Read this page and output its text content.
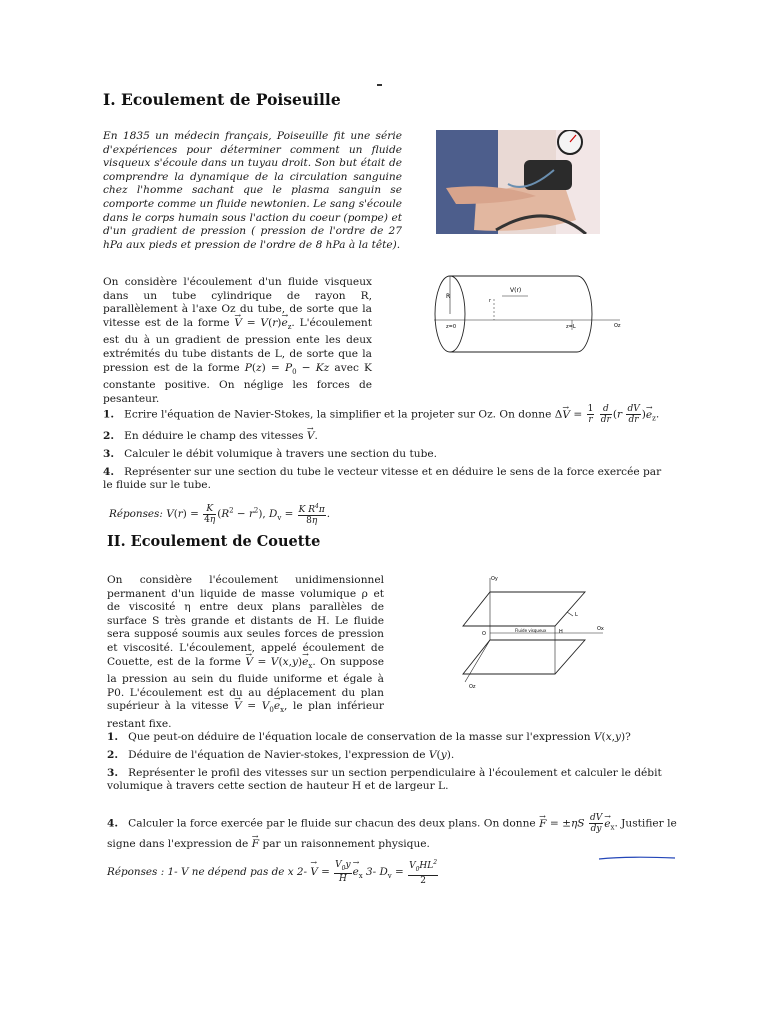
I. Ecoulement de Poiseuille
En 1835 un médecin français, Poiseuille fit une série d'expériences pour déterminer comment un fluide visqueux s'écoule dans un tuyau droit. Son but était de comprendre la dynamique de la circulation sanguine chez l'homme sachant que le plasma sanguin se comporte comme un fluide newtonien. Le sang s'écoule dans le corps humain sous l'action du coeur (pompe) et d'un gradient de pression ( pression de l'ordre de 27 hPa aux pieds et pression de l'ordre de 8 hPa à la tête).
On considère l'écoulement d'un fluide visqueux dans un tube cylindrique de rayon R, parallèlement à l'axe Oz du tube, de sorte que la vitesse est de la forme → $V = V(r)\to e_z$. L'écoulement est du à un gradient de pression ente les deux extrémités du tube distants de L, de sorte que la pression est de la forme $P(z) = P_0 - Kz$ avec K constante positive. On néglige les forces de pesanteur.
R
V(r)
r
z=0	z=L	Oz
1. Ecrire l'équation de Navier-Stokes, la simplifier et la projeter sur Oz. On donne $\Delta\to V = \frac{1}{r}$
$\frac{d}{dr} (r \frac{dV}{dr}$ )→ $e_z$.
2. En déduire le champ des vitesses → V.
3. Calculer le débit volumique à travers une section du tube.
4. Représenter sur une section du tube le vecteur vitesse et en déduire le sens de la force exercée par le fluide sur le tube.
Réponses: $V(r) = \frac{K}{4\eta} (R^2 - r^2)$, $D_v = \frac{K R^4\pi}{8\eta}$ .
II. Ecoulement de Couette
On considère l'écoulement unidimensionnel permanent d'un liquide de masse volumique ρ et de viscosité η entre deux plans parallèles de surface S très grande et distants de H. Le fluide sera supposé soumis aux seules forces de pression et viscosité. L'écoulement, appelé écoulement de Couette, est de la forme → $V = V(x,y)\to e_x$. On suppose la pression au sein du fluide uniforme et égale à P0. L'écoulement est du au déplacement du plan supérieur à la vitesse → $V = V_0\to e_x$, le plan inférieur restant fixe.
Oy
Ox
Oz
O
L
H
Fluide visqueux
1. Que peut-on déduire de l'équation locale de conservation de la masse sur l'expression V(x,y)?
2. Déduire de l'équation de Navier-stokes, l'expression de V(y).
3. Représenter le profil des vitesses sur un section perpendiculaire à l'écoulement et calculer le débit volumique à travers cette section de hauteur H et de largeur L.
4. Calculer la force exercée par le fluide sur chacun des deux plans. On donne → $F = \pm\eta S \frac{dV}{dy}$
→ $e_x$. Justifier le
signe dans l'expression de → F par un raisonnement physique.
Réponses : 1- V ne dépend pas de x $2- \to V = \frac{V_0y}{H}$
→ $e_x$ 3- $D_v = \frac{V_0HL^2}{2}$
